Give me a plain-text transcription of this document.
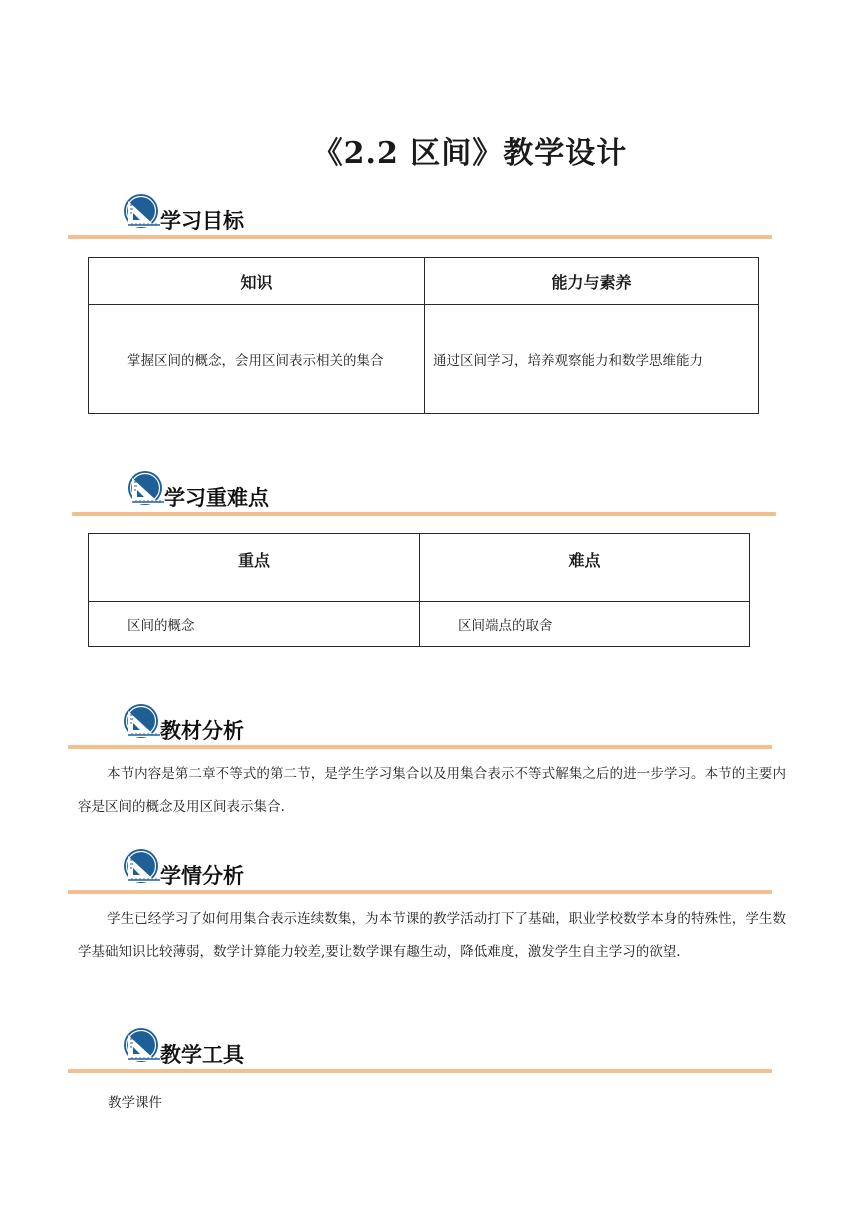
《2.2 区间》教学设计
学习目标
知识	能力与素养
掌握区间的概念，会用区间表示相关的集合	通过区间学习，培养观察能力和数学思维能力
学习重难点
重点	难点
区间的概念	区间端点的取舍
教材分析
本节内容是第二章不等式的第二节，是学生学习集合以及用集合表示不等式解集之后的进一步学习。本节的主要内容是区间的概念及用区间表示集合.
学情分析
学生已经学习了如何用集合表示连续数集，为本节课的教学活动打下了基础，职业学校数学本身的特殊性，学生数学基础知识比较薄弱，数学计算能力较差,要让数学课有趣生动，降低难度，激发学生自主学习的欲望.
教学工具
教学课件
